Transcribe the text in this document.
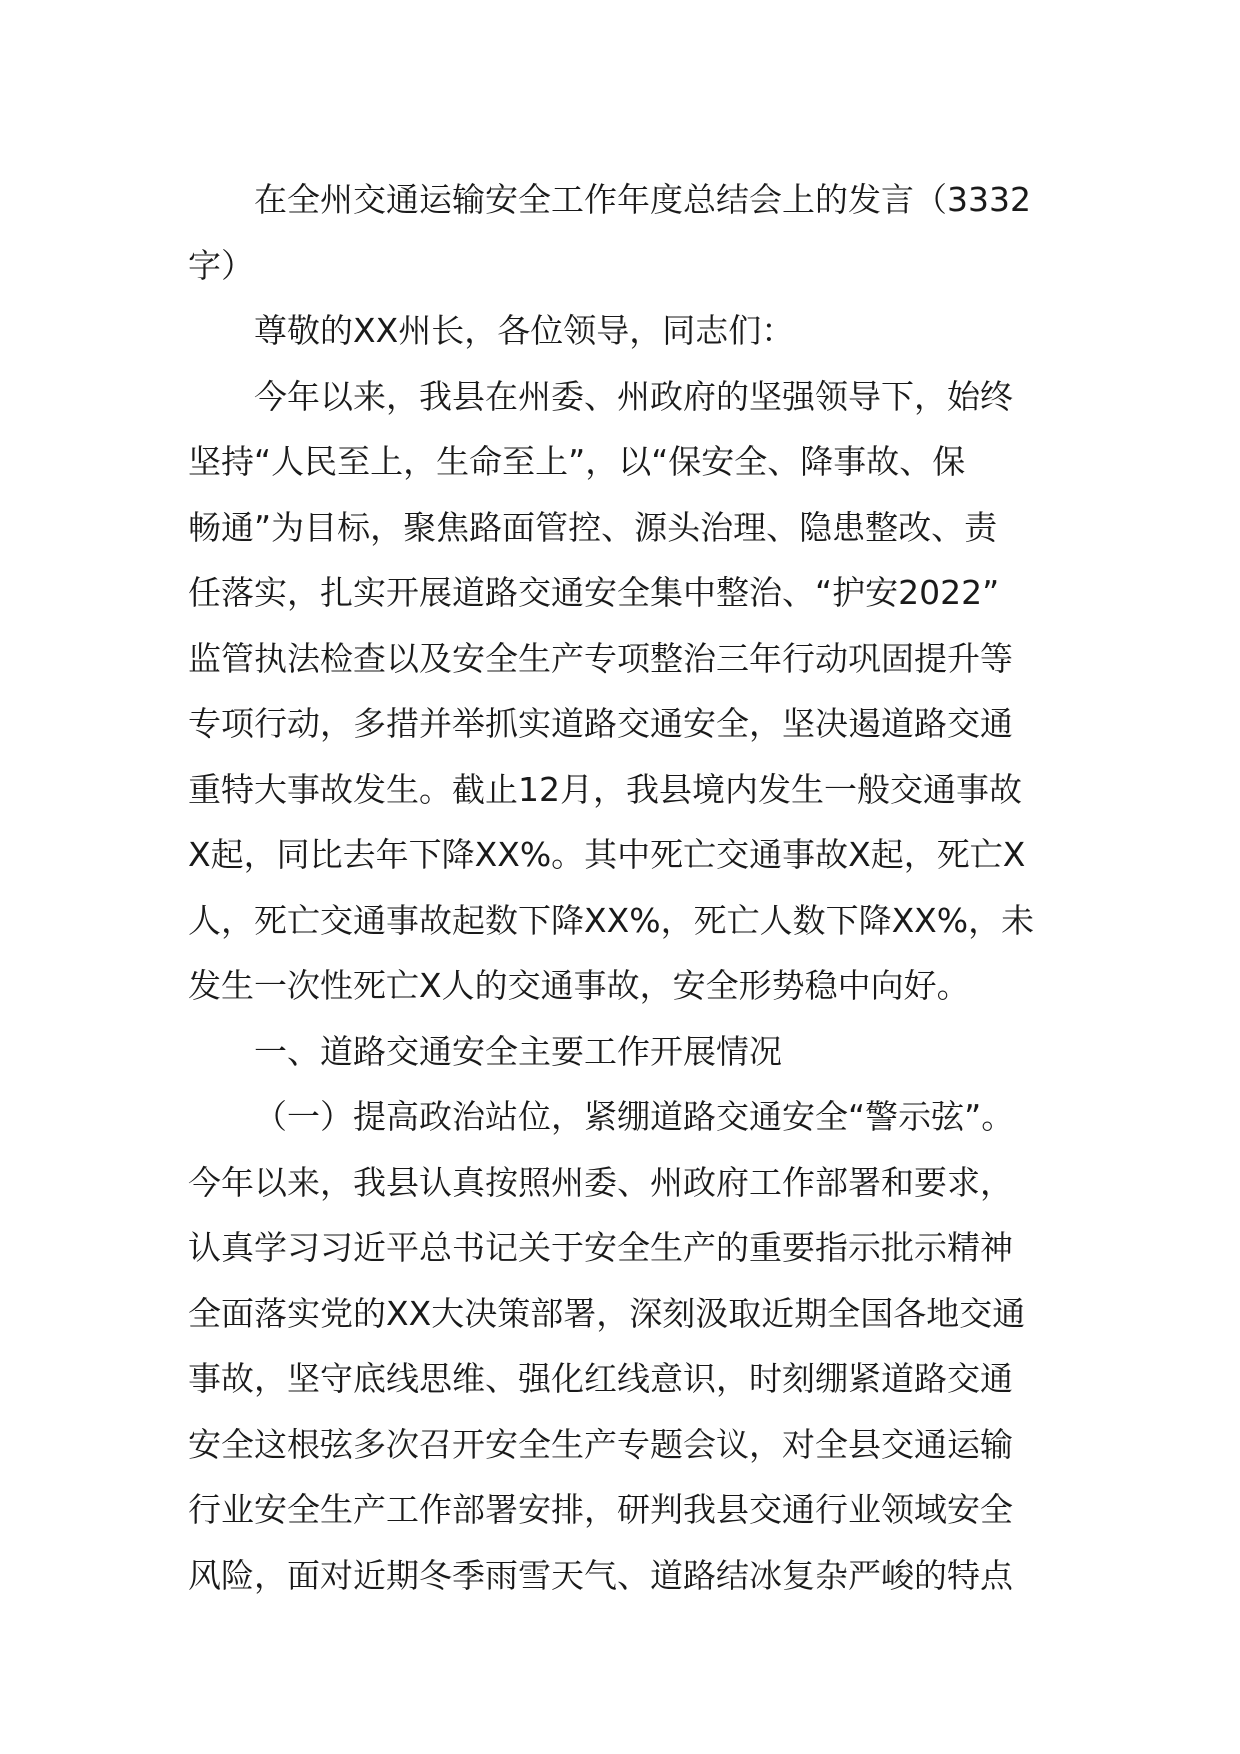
在全州交通运输安全工作年度总结会上的发言（3332
字）
尊敬的XX州长，各位领导，同志们：
今年以来，我县在州委、州政府的坚强领导下，始终
坚持“人民至上，生命至上”，以“保安全、降事故、保
畅通”为目标，聚焦路面管控、源头治理、隐患整改、责
任落实，扎实开展道路交通安全集中整治、“护安2022”
监管执法检查以及安全生产专项整治三年行动巩固提升等
专项行动，多措并举抓实道路交通安全，坚决遏道路交通
重特大事故发生。截止12月，我县境内发生一般交通事故
X起，同比去年下降XX%。其中死亡交通事故X起，死亡X
人，死亡交通事故起数下降XX%，死亡人数下降XX%，未
发生一次性死亡X人的交通事故，安全形势稳中向好。
一、道路交通安全主要工作开展情况
（一）提高政治站位，紧绷道路交通安全“警示弦”。
今年以来，我县认真按照州委、州政府工作部署和要求，
认真学习习近平总书记关于安全生产的重要指示批示精神
全面落实党的XX大决策部署，深刻汲取近期全国各地交通
事故，坚守底线思维、强化红线意识，时刻绷紧道路交通
安全这根弦多次召开安全生产专题会议，对全县交通运输
行业安全生产工作部署安排，研判我县交通行业领域安全
风险，面对近期冬季雨雪天气、道路结冰复杂严峻的特点
